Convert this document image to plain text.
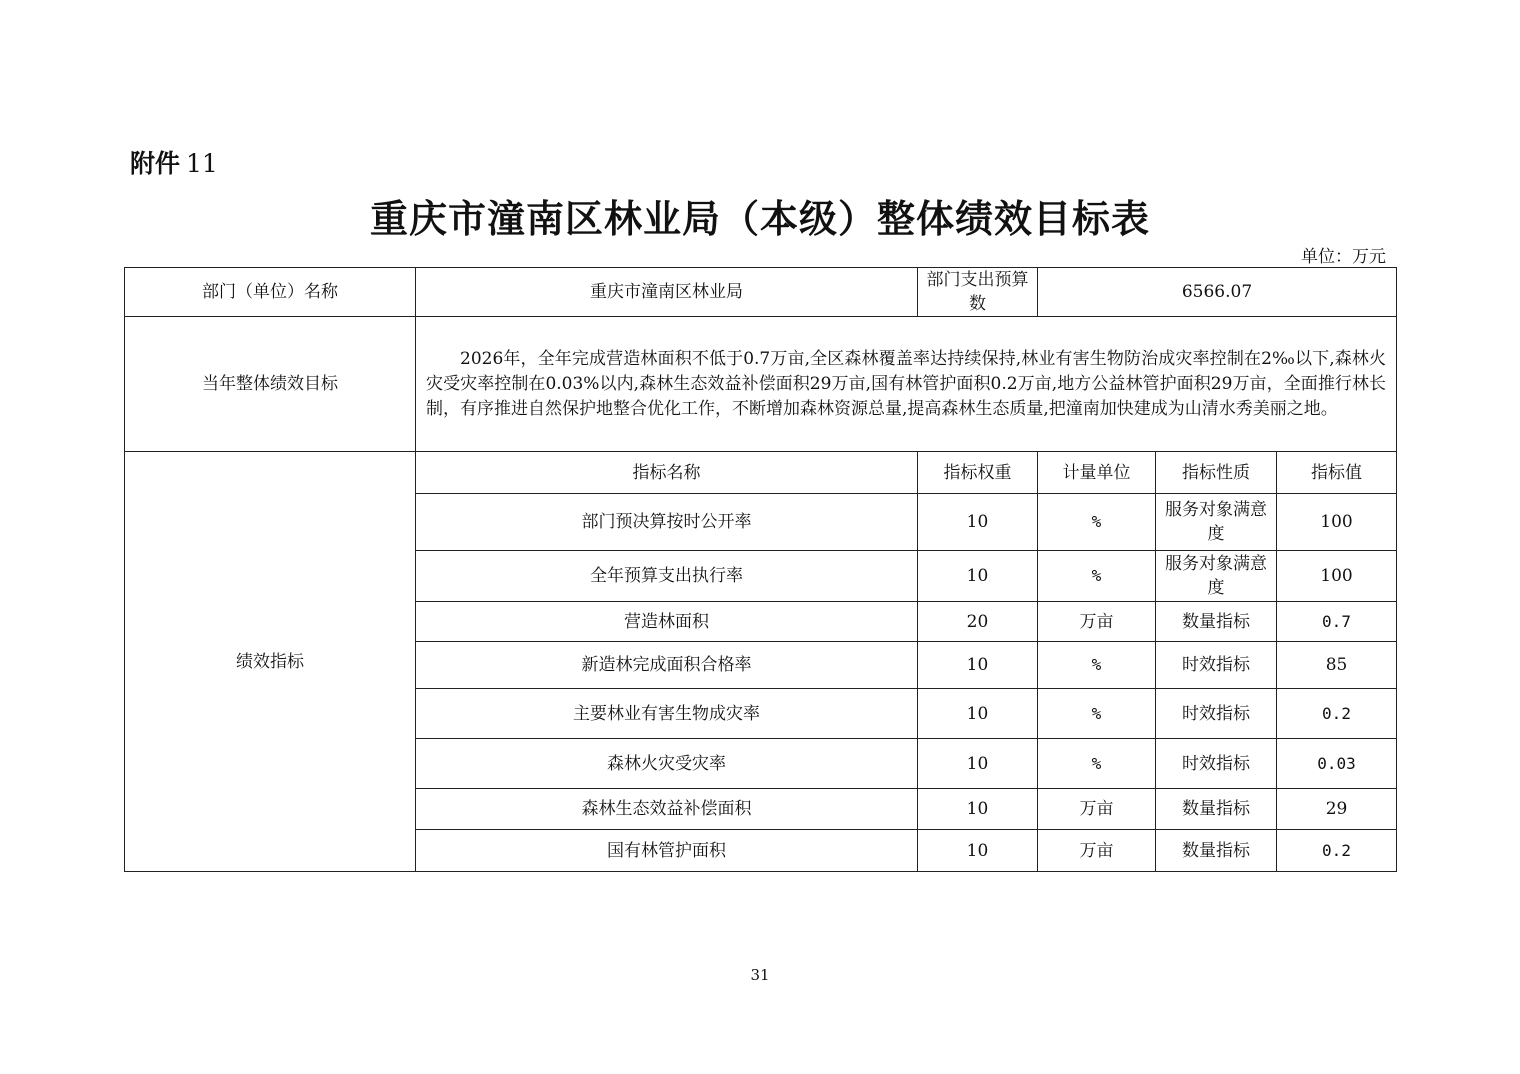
附件 11
重庆市潼南区林业局（本级）整体绩效目标表
单位：万元
部门（单位）名称	重庆市潼南区林业局	部门支出预算数	6566.07		
当年整体绩效目标	2026年，全年完成营造林面积不低于0.7万亩,全区森林覆盖率达持续保持,林业有害生物防治成灾率控制在2‰以下,森林火灾受灾率控制在0.03%以内,森林生态效益补偿面积29万亩,国有林管护面积0.2万亩,地方公益林管护面积29万亩，全面推行林长制，有序推进自然保护地整合优化工作，不断增加森林资源总量,提高森林生态质量,把潼南加快建成为山清水秀美丽之地。				
绩效指标	指标名称	指标权重	计量单位	指标性质	指标值
	部门预决算按时公开率	10	%	服务对象满意度	100
	全年预算支出执行率	10	%	服务对象满意度	100
	营造林面积	20	万亩	数量指标	0.7
	新造林完成面积合格率	10	%	时效指标	85
	主要林业有害生物成灾率	10	%	时效指标	0.2
	森林火灾受灾率	10	%	时效指标	0.03
	森林生态效益补偿面积	10	万亩	数量指标	29
	国有林管护面积	10	万亩	数量指标	0.2
31
